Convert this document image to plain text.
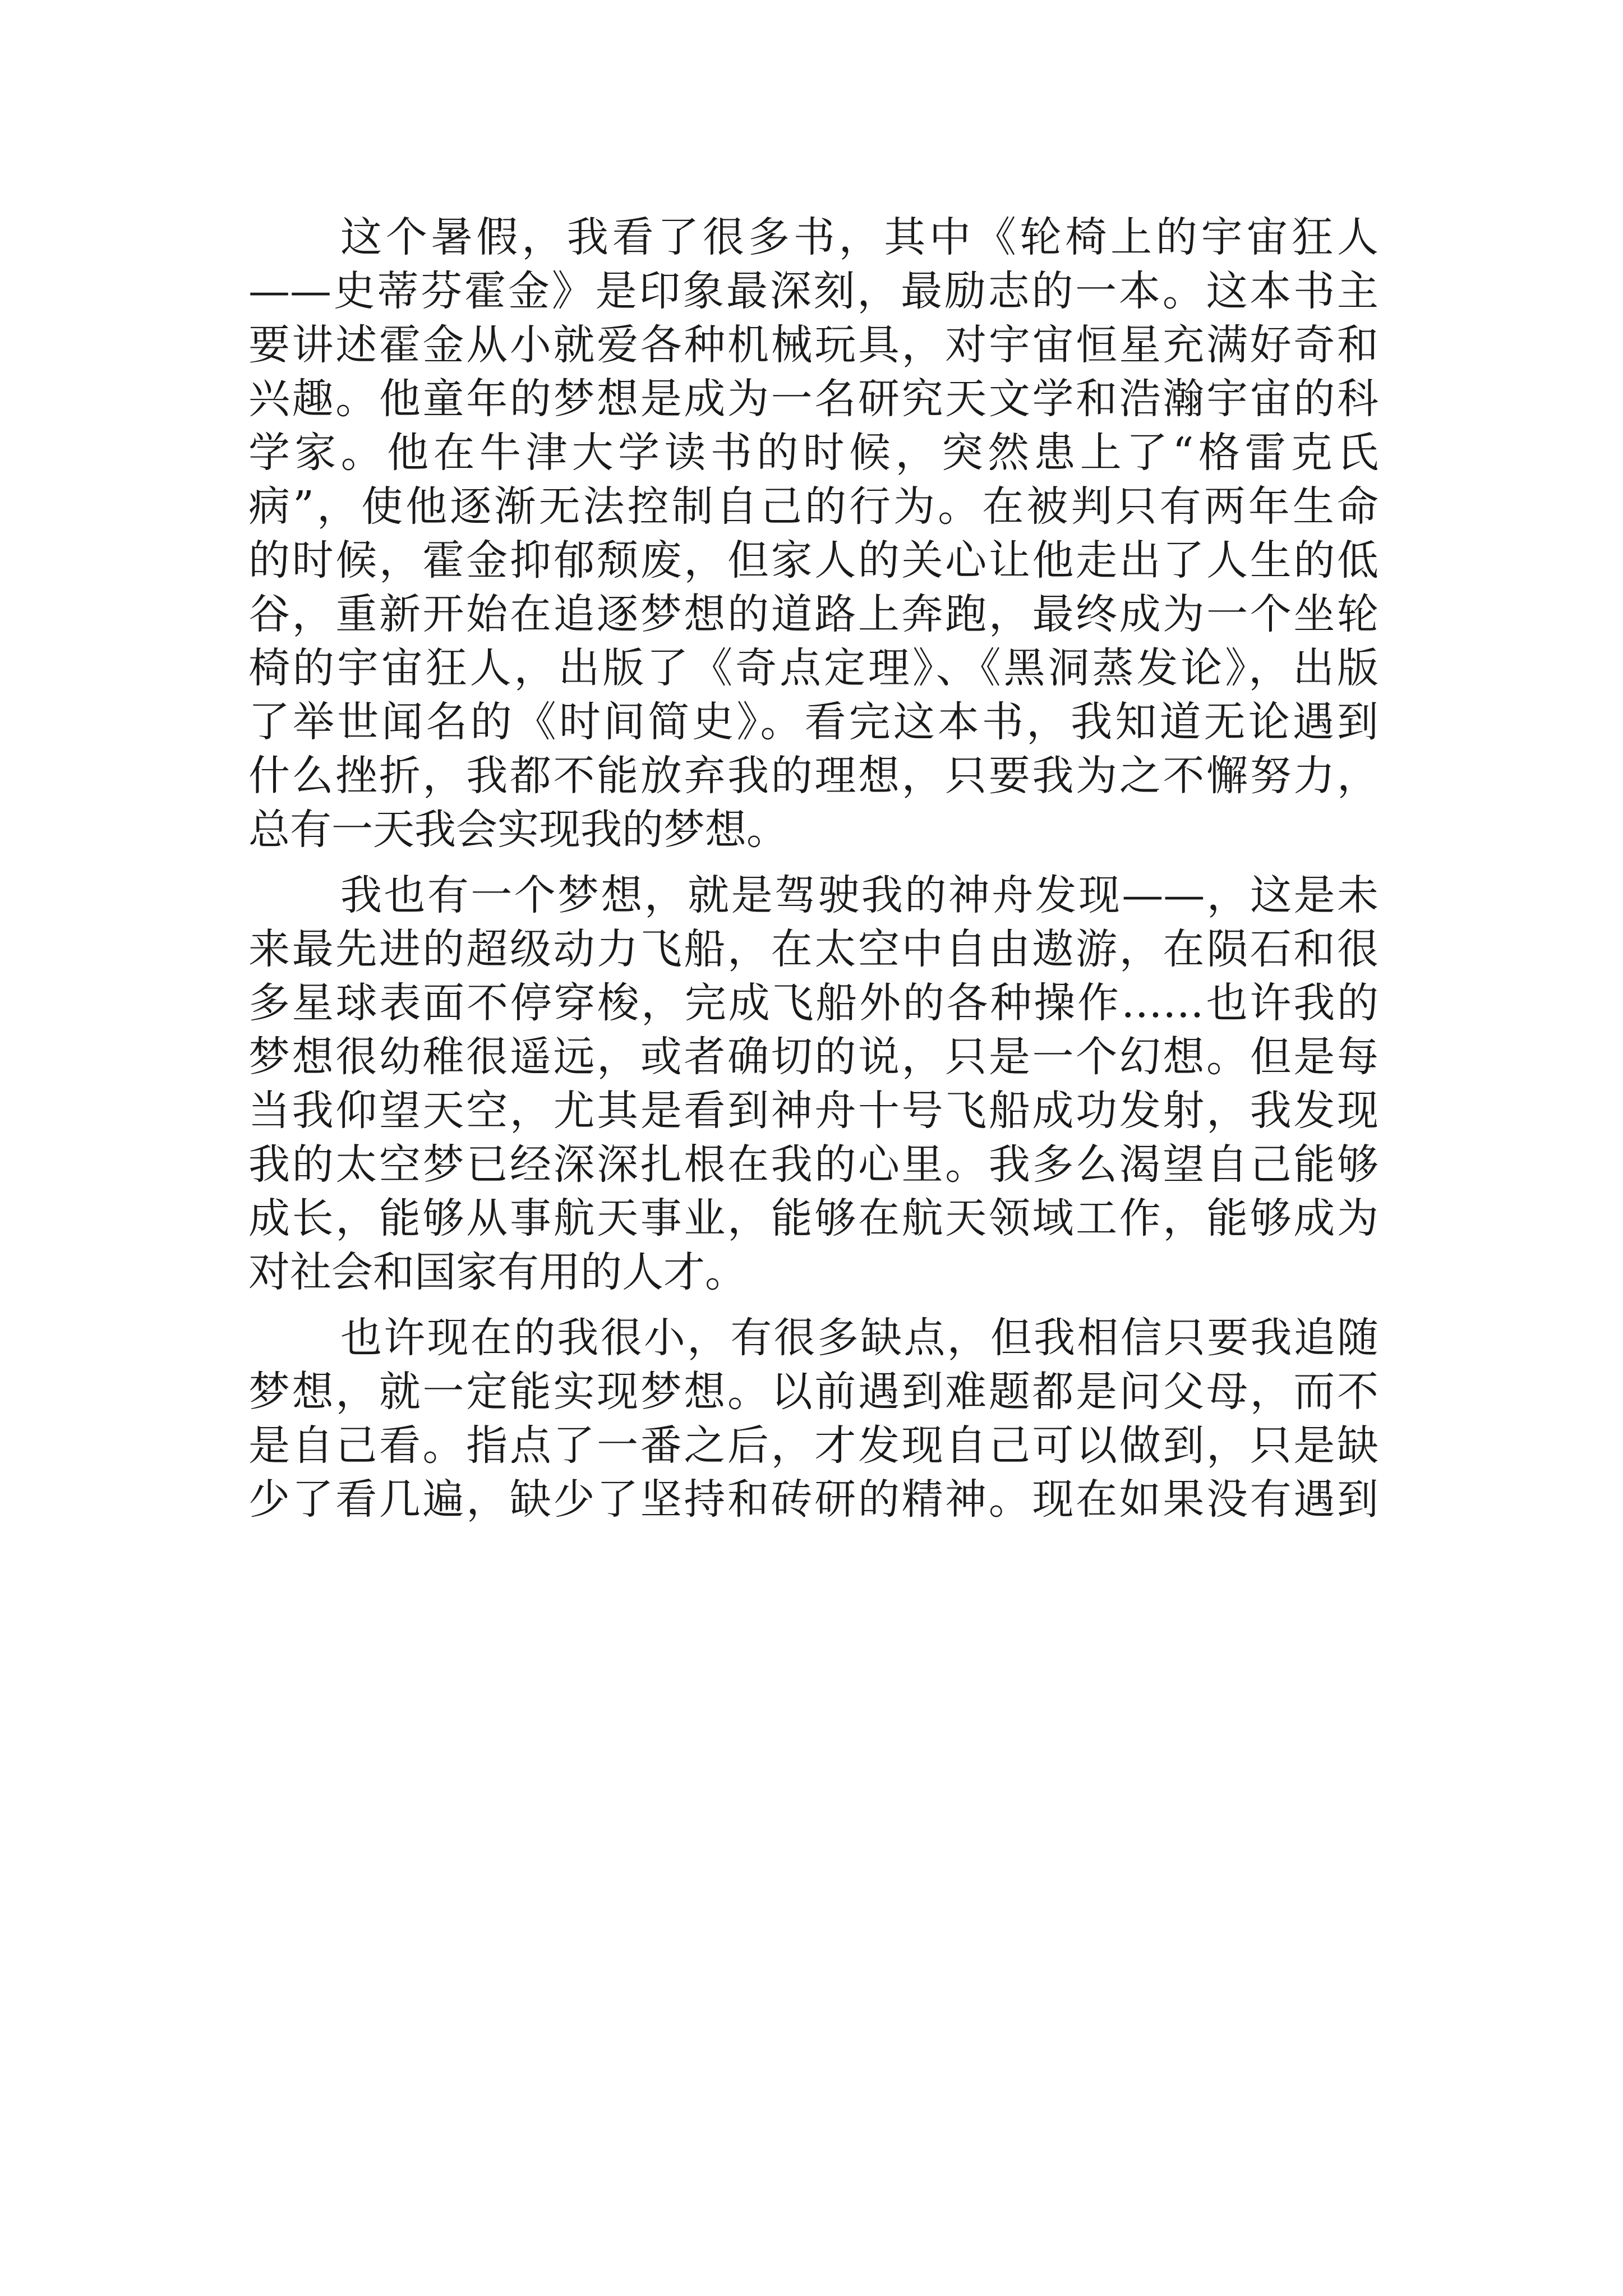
这个暑假，我看了很多书，其中《轮椅上的宇宙狂人
——史蒂芬霍金》是印象最深刻，最励志的一本。这本书主
要讲述霍金从小就爱各种机械玩具，对宇宙恒星充满好奇和
兴趣。他童年的梦想是成为一名研究天文学和浩瀚宇宙的科
学家。他在牛津大学读书的时候，突然患上了“格雷克氏
病”，使他逐渐无法控制自己的行为。在被判只有两年生命
的时候，霍金抑郁颓废，但家人的关心让他走出了人生的低
谷，重新开始在追逐梦想的道路上奔跑，最终成为一个坐轮
椅的宇宙狂人，出版了《奇点定理》、《黑洞蒸发论》，出版
了举世闻名的《时间简史》。看完这本书，我知道无论遇到
什么挫折，我都不能放弃我的理想，只要我为之不懈努力，
总有一天我会实现我的梦想。
我也有一个梦想，就是驾驶我的神舟发现——，这是未
来最先进的超级动力飞船，在太空中自由遨游，在陨石和很
多星球表面不停穿梭，完成飞船外的各种操作……也许我的
梦想很幼稚很遥远，或者确切的说，只是一个幻想。但是每
当我仰望天空，尤其是看到神舟十号飞船成功发射，我发现
我的太空梦已经深深扎根在我的心里。我多么渴望自己能够
成长，能够从事航天事业，能够在航天领域工作，能够成为
对社会和国家有用的人才。
也许现在的我很小，有很多缺点，但我相信只要我追随
梦想，就一定能实现梦想。以前遇到难题都是问父母，而不
是自己看。指点了一番之后，才发现自己可以做到，只是缺
少了看几遍，缺少了坚持和砖研的精神。现在如果没有遇到
